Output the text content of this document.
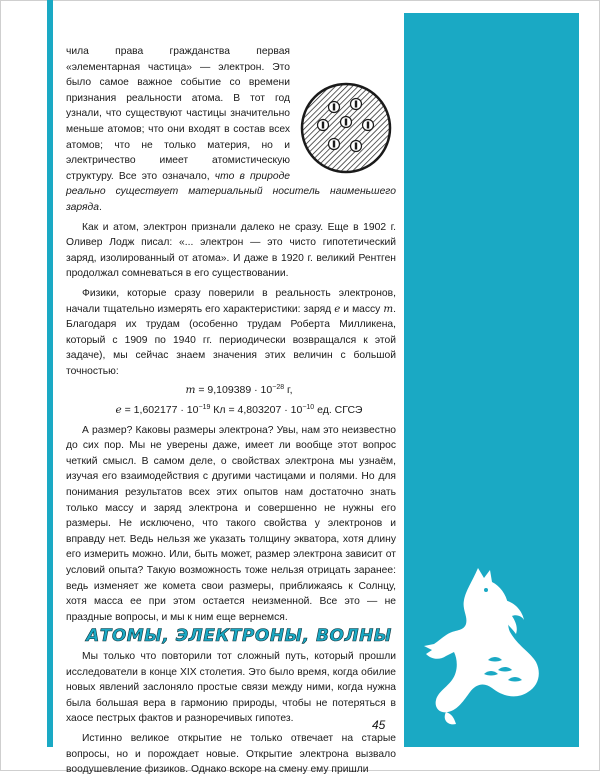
чила права гражданства первая «элементарная частица» — электрон. Это было самое важное событие со времени признания реальности атома. В тот год узнали, что существуют частицы значительно меньше атомов; что они входят в состав всех атомов; что не только материя, но и электричество имеет атомистическую структуру. Все это означало, что в природе реально существует материальный носитель наименьшего заряда.

Как и атом, электрон признали далеко не сразу. Еще в 1902 г. Оливер Лодж писал: «... электрон — это чисто гипотетический заряд, изолированный от атома». И даже в 1920 г. великий Рентген продолжал сомневаться в его существовании.

Физики, которые сразу поверили в реальность электронов, начали тщательно измерять его характеристики: заряд e и массу m. Благодаря их трудам (особенно трудам Роберта Милликена, который с 1909 по 1940 гг. периодически возвращался к этой задаче), мы сейчас знаем значения этих величин с большой точностью:

$m = 9,109389 \cdot 10^{-28}$ г,

$e = 1,602177 \cdot 10^{-19}$ Кл = $4,803207 \cdot 10^{-10}$ ед. СГСЭ

А размер? Каковы размеры электрона? Увы, нам это неизвестно до сих пор. Мы не уверены даже, имеет ли вообще этот вопрос четкий смысл. В самом деле, о свойствах электрона мы узнаём, изучая его взаимодействия с другими частицами и полями. Но для понимания результатов всех этих опытов нам достаточно знать только массу и заряд электрона и совершенно не нужны его размеры. Не исключено, что такого свойства у электронов и вправду нет. Ведь нельзя же указать толщину экватора, хотя длину его измерить можно. Или, быть может, размер электрона зависит от условий опыта? Такую возможность тоже нельзя отрицать заранее: ведь изменяет же комета свои размеры, приближаясь к Солнцу, хотя масса ее при этом остается неизменной. Все это — не праздные вопросы, и мы к ним еще вернемся.

АТОМЫ, ЭЛЕКТРОНЫ, ВОЛНЫ

Мы только что повторили тот сложный путь, который прошли исследователи в конце XIX столетия. Это было время, когда обилие новых явлений заслоняло простые связи между ними, когда нужна была большая вера в гармонию природы, чтобы не потеряться в хаосе пестрых фактов и разноречивых гипотез.

Истинно великое открытие не только отвечает на старые вопросы, но и порождает новые. Открытие электрона вызвало воодушевление физиков. Однако вскоре на смену ему пришли

45
